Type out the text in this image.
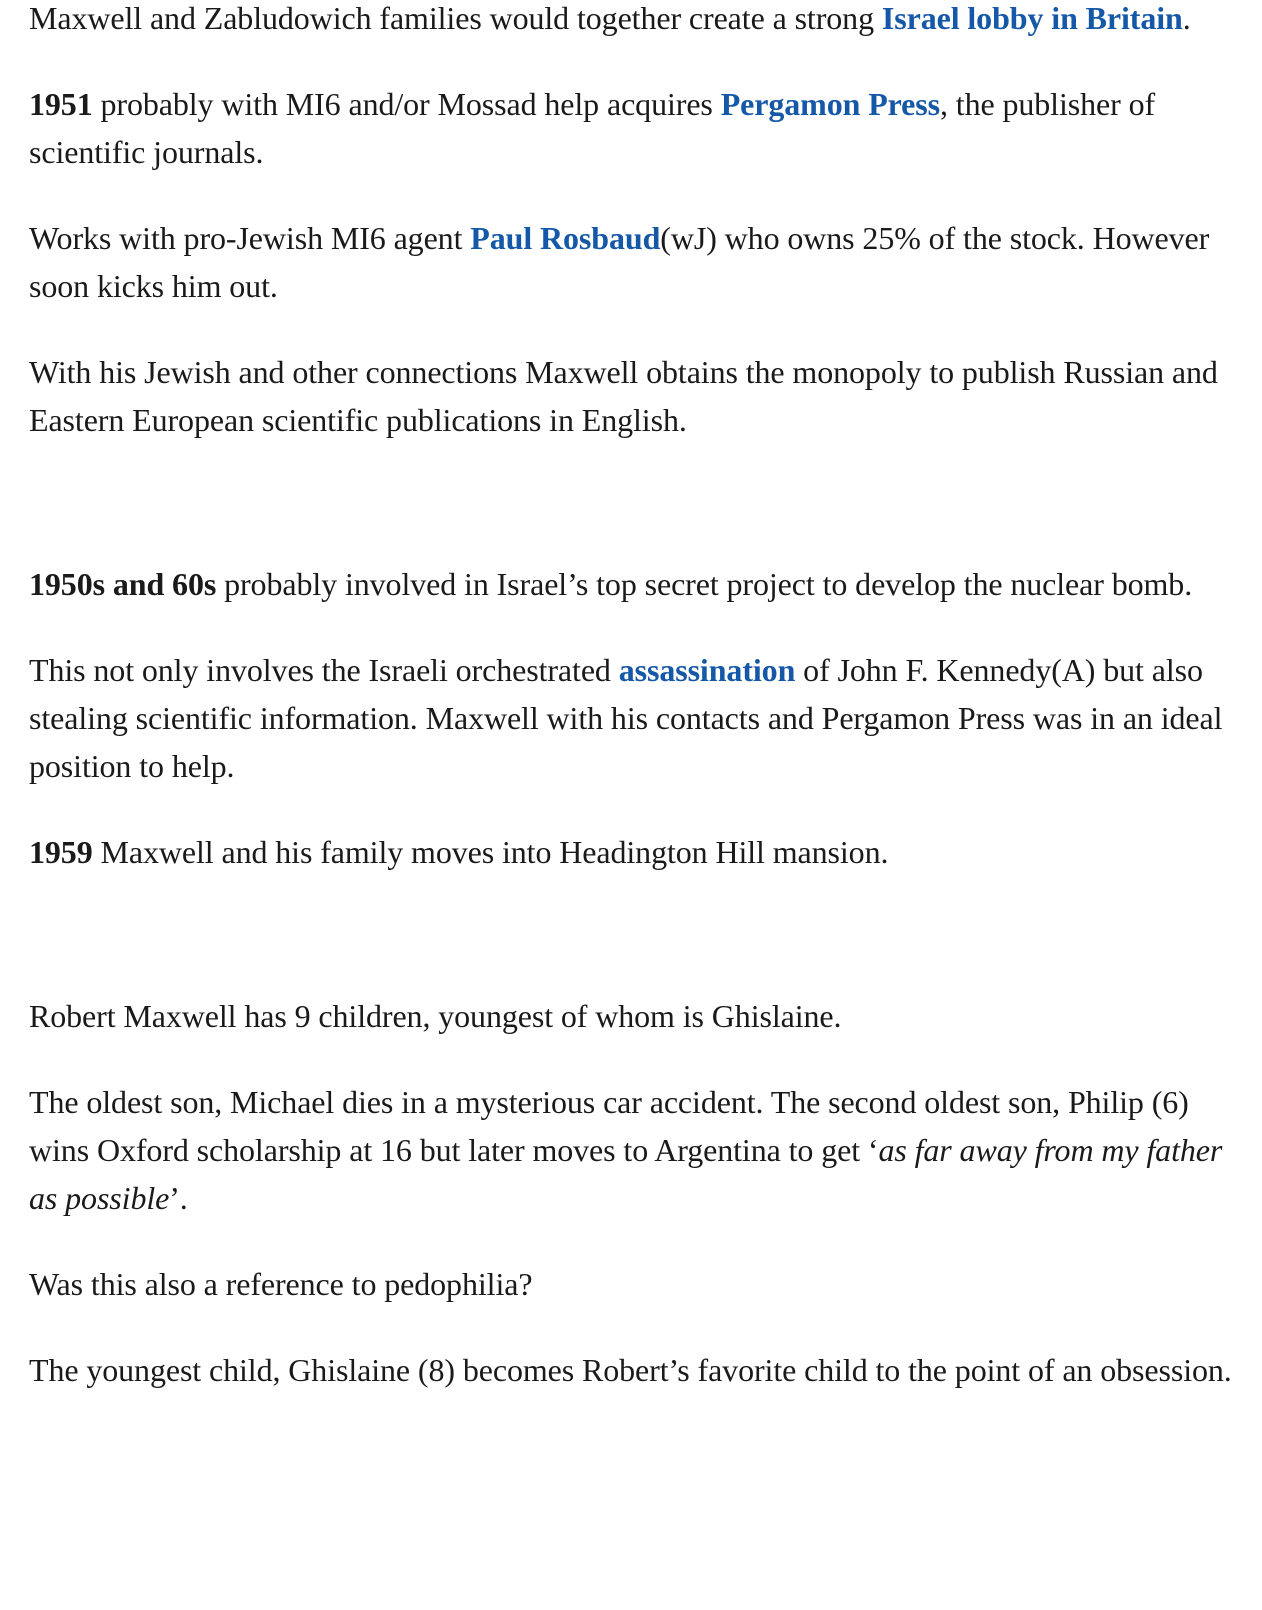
Maxwell and Zabludowich families would together create a strong Israel lobby in Britain.

1951 probably with MI6 and/or Mossad help acquires Pergamon Press, the publisher of scientific journals.

Works with pro-Jewish MI6 agent Paul Rosbaud(wJ) who owns 25% of the stock. However soon kicks him out.

With his Jewish and other connections Maxwell obtains the monopoly to publish Russian and Eastern European scientific publications in English.

1950s and 60s probably involved in Israel’s top secret project to develop the nuclear bomb.

This not only involves the Israeli orchestrated assassination of John F. Kennedy(A) but also stealing scientific information. Maxwell with his contacts and Pergamon Press was in an ideal position to help.

1959 Maxwell and his family moves into Headington Hill mansion.

Robert Maxwell has 9 children, youngest of whom is Ghislaine.

The oldest son, Michael dies in a mysterious car accident. The second oldest son, Philip (6) wins Oxford scholarship at 16 but later moves to Argentina to get ‘as far away from my father as possible’.

Was this also a reference to pedophilia?

The youngest child, Ghislaine (8) becomes Robert’s favorite child to the point of an obsession.
